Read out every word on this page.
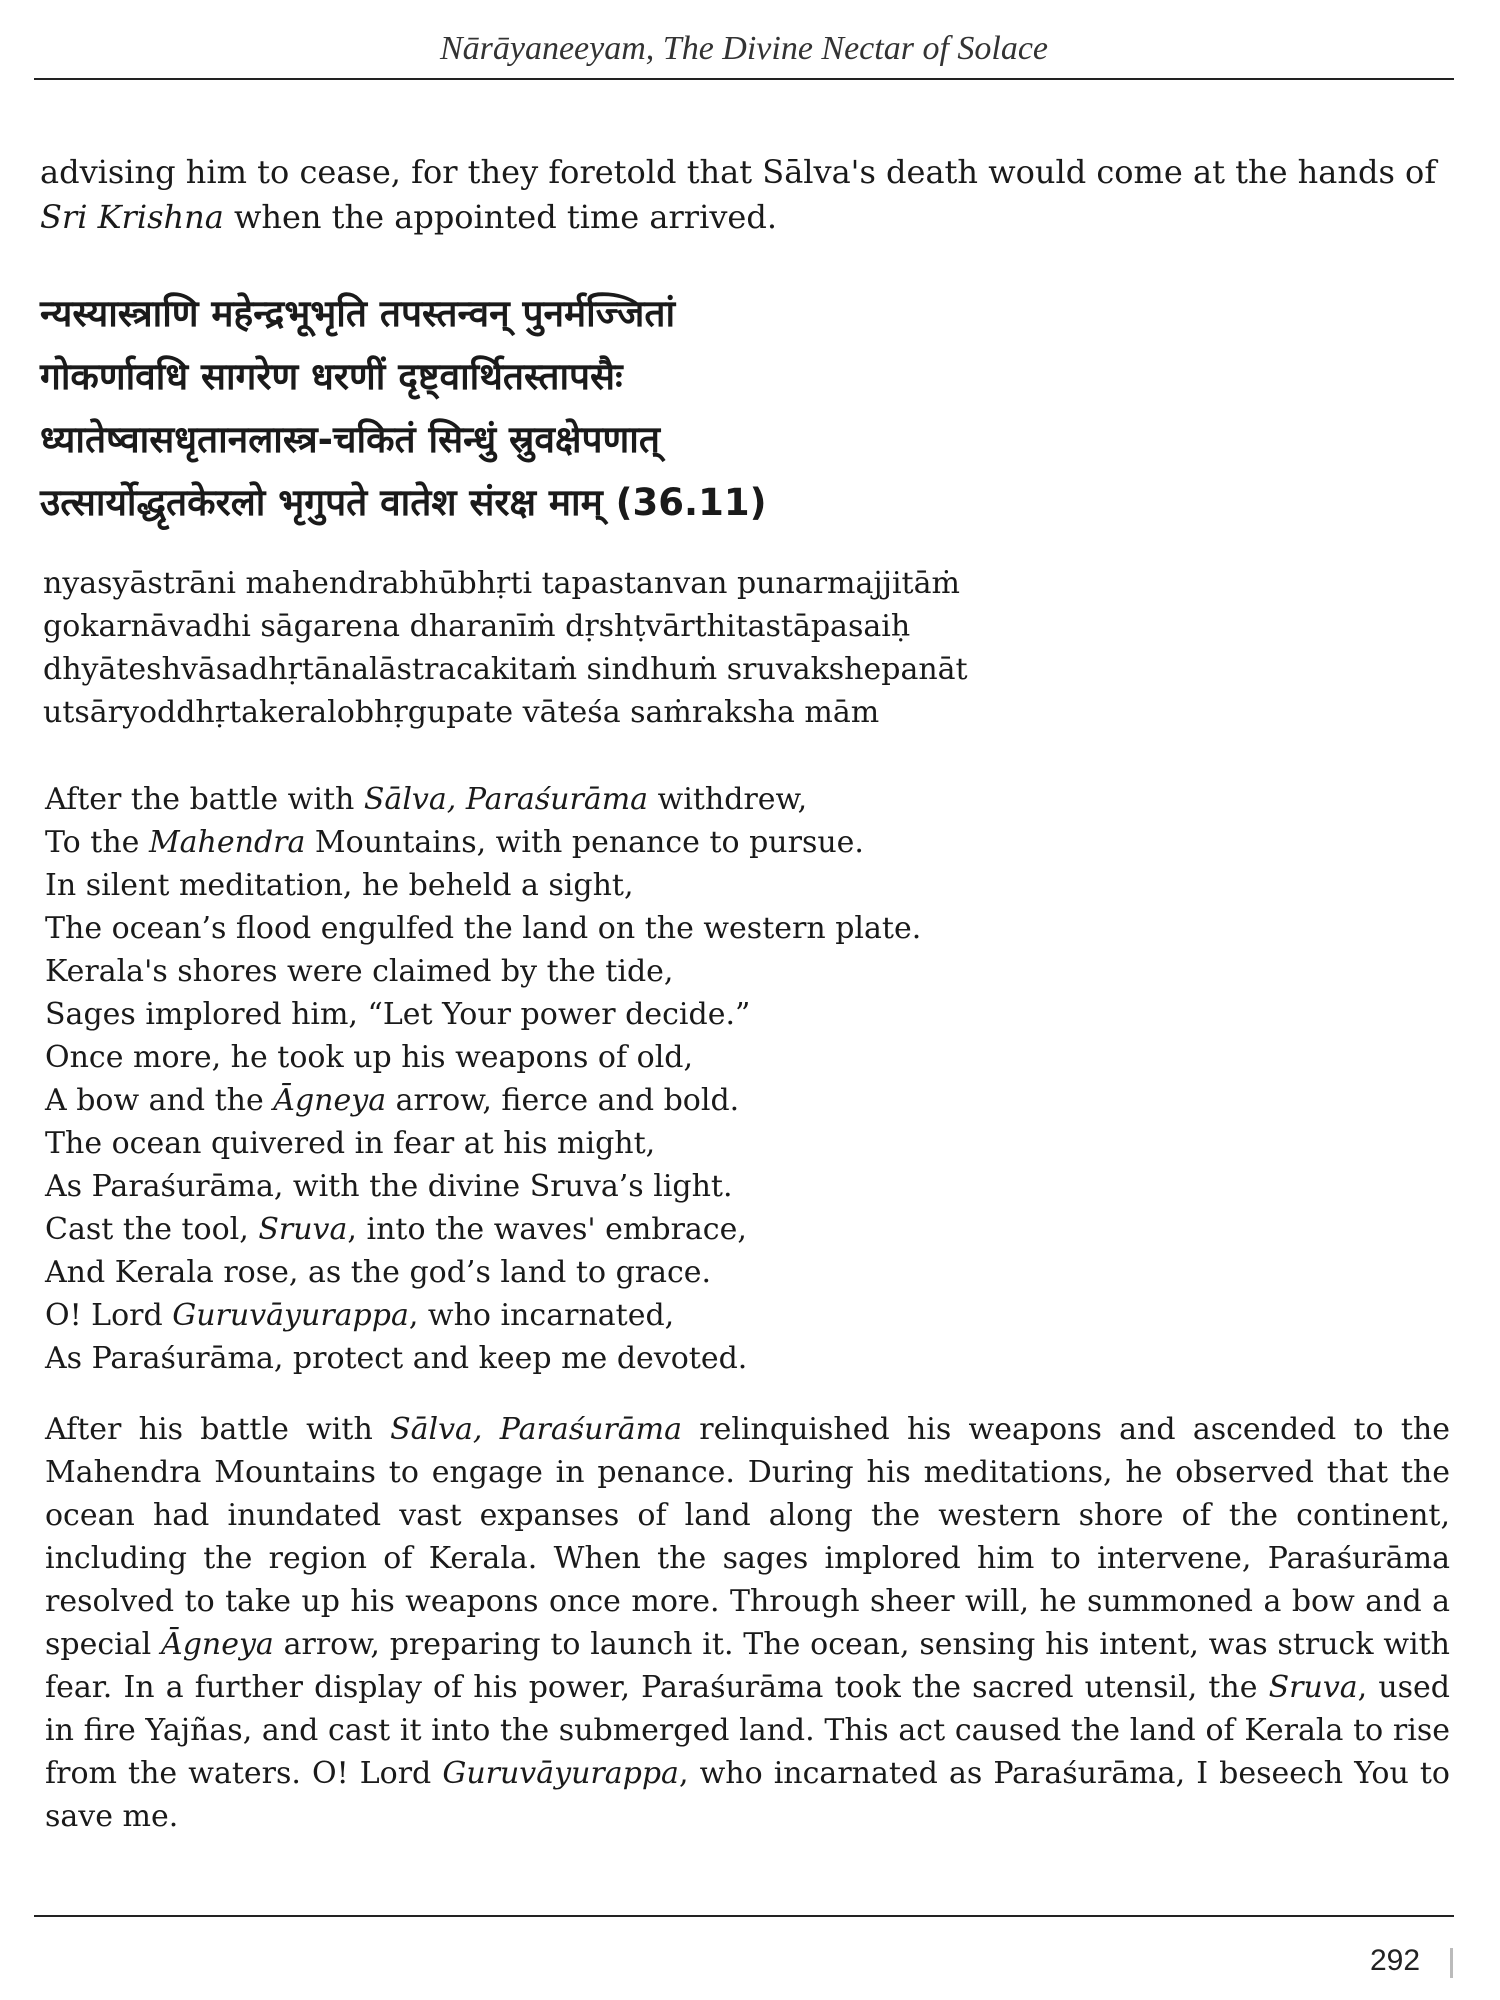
Nārāyaneeyam, The Divine Nectar of Solace
advising him to cease, for they foretold that Sālva's death would come at the hands of Sri Krishna when the appointed time arrived.
न्यस्यास्त्राणि महेन्द्रभूभृति तपस्तन्वन् पुनर्मज्जितां
गोकर्णावधि सागरेण धरणीं दृष्ट्वार्थितस्तापसैः
ध्यातेष्वासधृतानलास्त्र-चकितं सिन्धुं स्रुवक्षेपणात्
उत्सार्योद्धृतकेरलो भृगुपते वातेश संरक्ष माम् (36.11)
nyasyāstrāni mahendrabhūbhṛti tapastanvan punarmajjitāṁ
gokarnāvadhi sāgarena dharanīṁ dṛshṭvārthitastāpasaiḥ
dhyāteshvāsadhṛtānalāstracakitaṁ sindhuṁ sruvakshepanāt
utsāryoddhṛtakeralobhṛgupate vāteśa saṁraksha mām
After the battle with Sālva, Paraśurāma withdrew,
To the Mahendra Mountains, with penance to pursue.
In silent meditation, he beheld a sight,
The ocean’s flood engulfed the land on the western plate.
Kerala's shores were claimed by the tide,
Sages implored him, “Let Your power decide.”
Once more, he took up his weapons of old,
A bow and the Āgneya arrow, fierce and bold.
The ocean quivered in fear at his might,
As Paraśurāma, with the divine Sruva’s light.
Cast the tool, Sruva, into the waves' embrace,
And Kerala rose, as the god’s land to grace.
O! Lord Guruvāyurappa, who incarnated,
As Paraśurāma, protect and keep me devoted.
After his battle with Sālva, Paraśurāma relinquished his weapons and ascended to the Mahendra Mountains to engage in penance. During his meditations, he observed that the ocean had inundated vast expanses of land along the western shore of the continent, including the region of Kerala. When the sages implored him to intervene, Paraśurāma resolved to take up his weapons once more. Through sheer will, he summoned a bow and a special Āgneya arrow, preparing to launch it. The ocean, sensing his intent, was struck with fear. In a further display of his power, Paraśurāma took the sacred utensil, the Sruva, used in fire Yajñas, and cast it into the submerged land. This act caused the land of Kerala to rise from the waters. O! Lord Guruvāyurappa, who incarnated as Paraśurāma, I beseech You to save me.
292
